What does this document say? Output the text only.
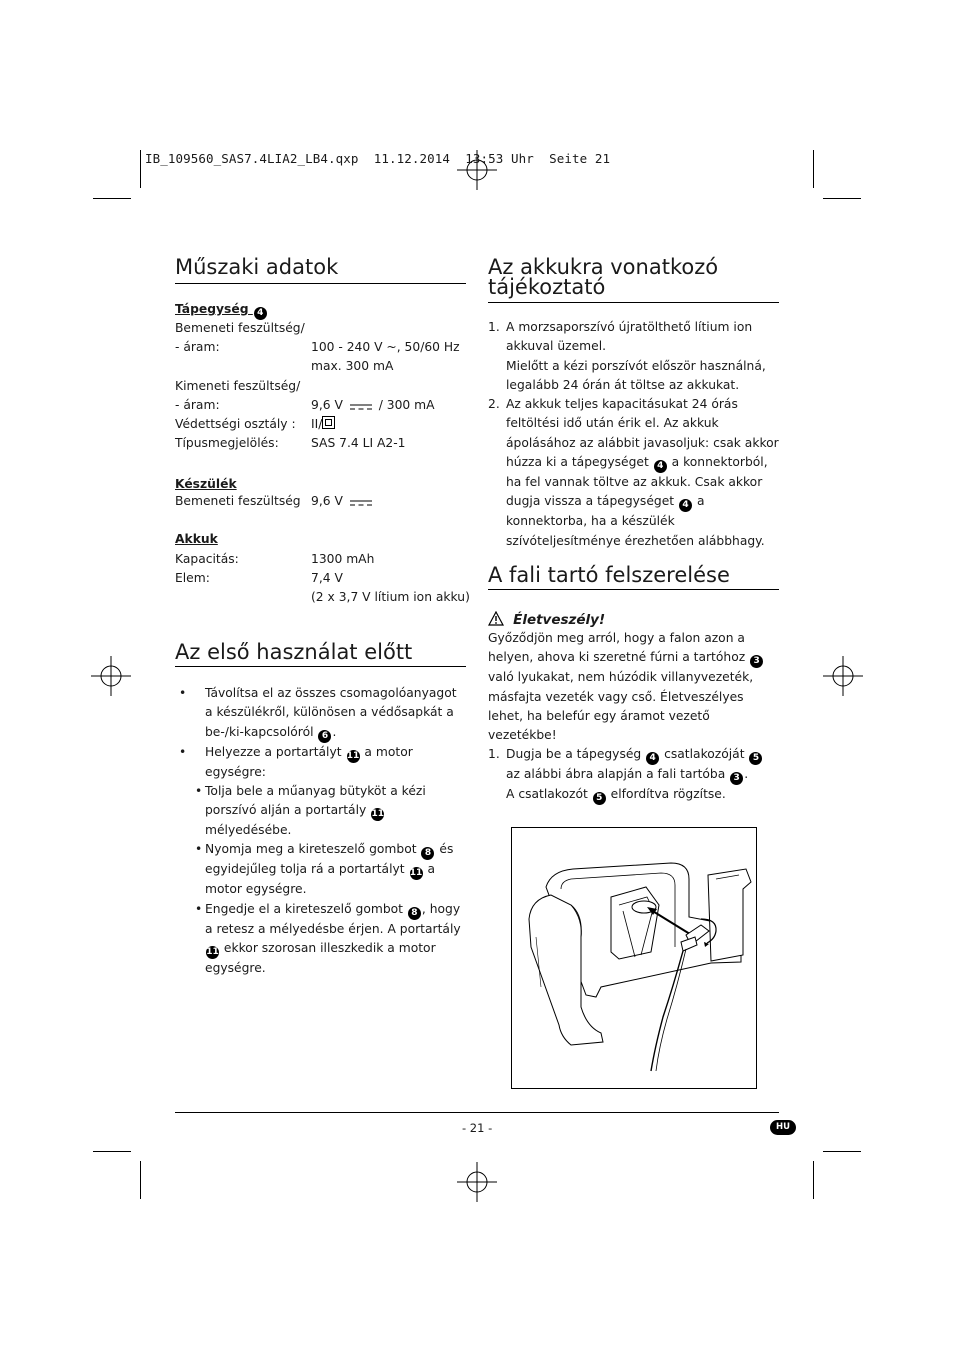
IB_109560_SAS7.4LIA2_LB4.qxp  11.12.2014  13:53 Uhr  Seite 21
Műszaki adatok
Tápegység 4
Bemeneti feszültség/
- áram:	100 - 240 V ~, 50/60 Hz
max. 300 mA
Kimeneti feszültség/
- áram:	9,6 V	/ 300 mA
Védettségi osztály : II/
Típusmegjelölés:	SAS 7.4 LI A2-1
Készülék
Bemeneti feszültség 9,6 V
Akkuk
Kapacitás:	1300 mAh
Elem:	7,4 V
(2 x 3,7 V lítium ion akku)
Az első használat előtt
• Távolítsa el az összes csomagolóanyagot a készülékről, különösen a védősapkát a be-/ki-kapcsolóról 6 .
• Helyezze a portartályt 11 a motor egységre:
• Tolja bele a műanyag bütyköt a kézi porszívó alján a portartály 11 mélyedésébe.
• Nyomja meg a kireteszelő gombot 8 és egyidejűleg tolja rá a portartályt 11 a motor egységre.
• Engedje el a kireteszelő gombot 8 , hogy a retesz a mélyedésbe érjen. A portartály 11 ekkor szorosan illeszkedik a motor egységre.
Az akkukra vonatkozó
tájékoztató
1. A morzsaporszívó újratölthető lítium ion akkuval üzemel.
Mielőtt a kézi porszívót először használná, legalább 24 órán át töltse az akkukat.
2. Az akkuk teljes kapacitásukat 24 órás feltöltési idő után érik el. Az akkuk ápolásához az alábbit javasoljuk: csak akkor húzza ki a tápegységet 4 a konnektorból, ha fel vannak töltve az akkuk. Csak akkor dugja vissza a tápegységet 4 a konnektorba, ha a készülék szívóteljesítménye érezhetően alábbhagy.
A fali tartó felszerelése
Életveszély!
Győződjön meg arról, hogy a falon azon a helyen, ahova ki szeretné fúrni a tartóhoz 3 való lyukakat, nem húzódik villanyvezeték, másfajta vezeték vagy cső. Életveszélyes lehet, ha belefúr egy áramot vezető vezetékbe!
1. Dugja be a tápegység 4 csatlakozóját 5 az alábbi ábra alapján a fali tartóba 3 .
A csatlakozót 5 elfordítva rögzítse.
- 21 -	HU
